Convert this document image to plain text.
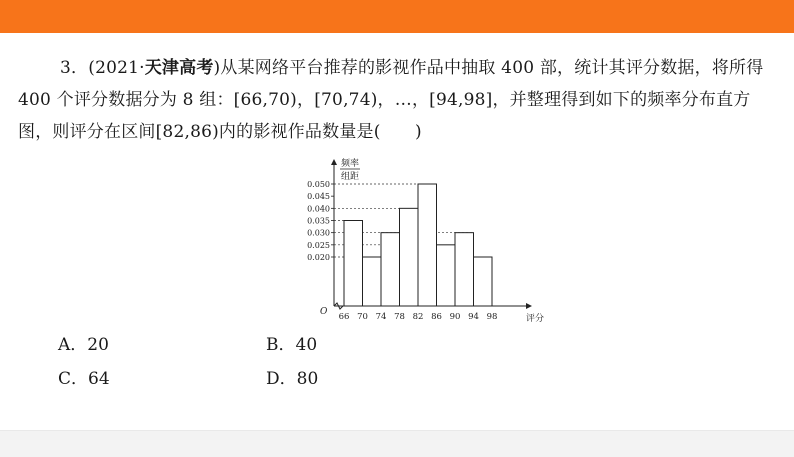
3．(2021·天津高考)从某网络平台推荐的影视作品中抽取 400 部，统计其评分数据，将所得 400 个评分数据分为 8 组：[66,70)，[70,74)，…，[94,98]，并整理得到如下的频率分布直方图，则评分在区间[82,86)内的影视作品数量是(　　)
O
频率
组距
0.050
0.045
0.040
0.035
0.030
0.025
0.020
66 70 74 78 82 86 90 94 98	评分
A．20	B．40
C．64	D．80
